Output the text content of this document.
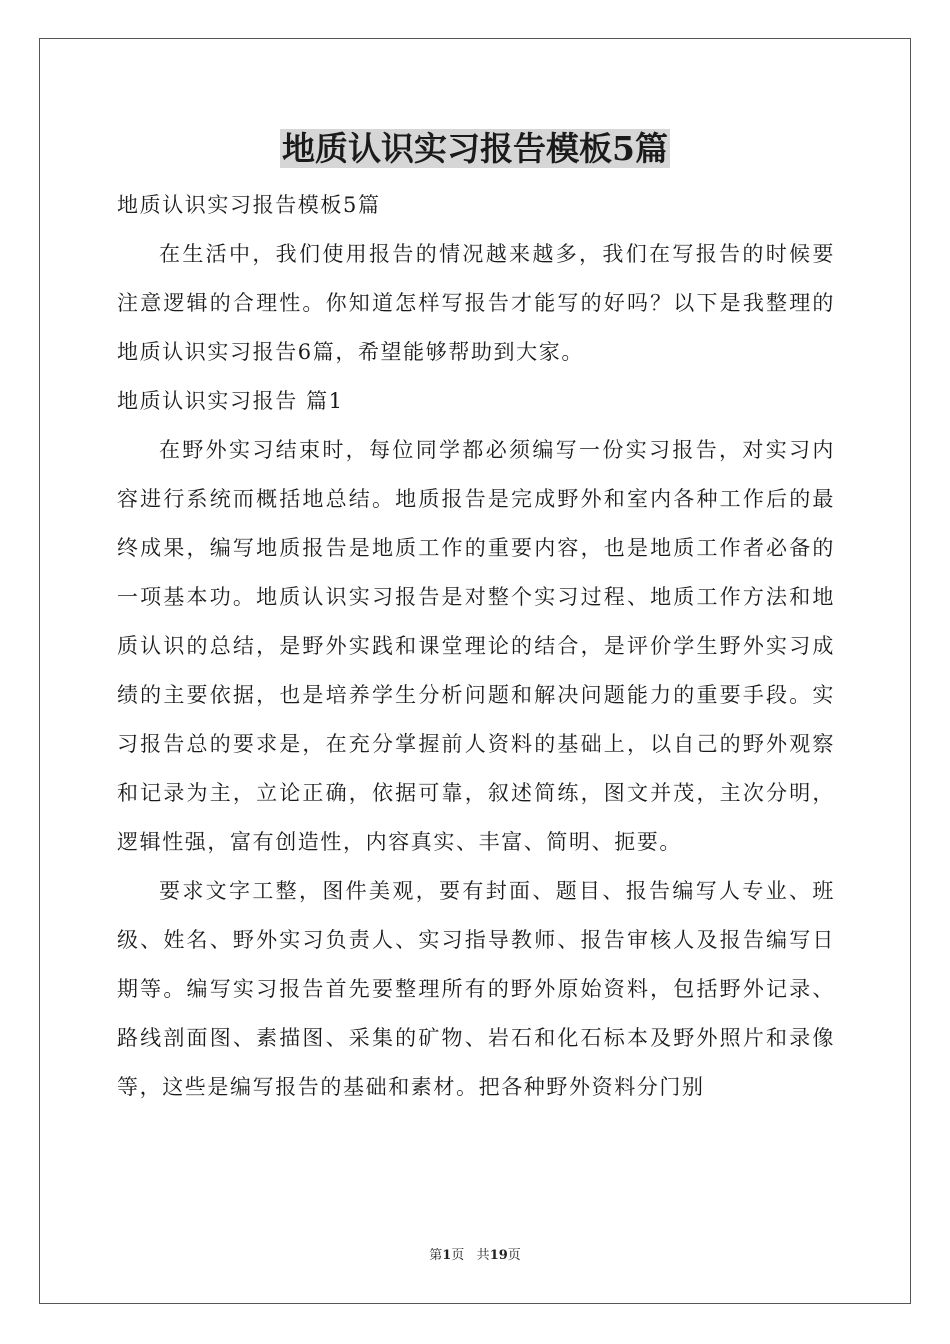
地质认识实习报告模板5篇

地质认识实习报告模板5篇

在生活中，我们使用报告的情况越来越多，我们在写报告的时候要注意逻辑的合理性。你知道怎样写报告才能写的好吗？以下是我整理的地质认识实习报告6篇，希望能够帮助到大家。

地质认识实习报告 篇1

在野外实习结束时，每位同学都必须编写一份实习报告，对实习内容进行系统而概括地总结。地质报告是完成野外和室内各种工作后的最终成果，编写地质报告是地质工作的重要内容，也是地质工作者必备的一项基本功。地质认识实习报告是对整个实习过程、地质工作方法和地质认识的总结，是野外实践和课堂理论的结合，是评价学生野外实习成绩的主要依据，也是培养学生分析问题和解决问题能力的重要手段。实习报告总的要求是，在充分掌握前人资料的基础上，以自己的野外观察和记录为主，立论正确，依据可靠，叙述简练，图文并茂，主次分明，逻辑性强，富有创造性，内容真实、丰富、简明、扼要。

要求文字工整，图件美观，要有封面、题目、报告编写人专业、班级、姓名、野外实习负责人、实习指导教师、报告审核人及报告编写日期等。编写实习报告首先要整理所有的野外原始资料，包括野外记录、路线剖面图、素描图、采集的矿物、岩石和化石标本及野外照片和录像等，这些是编写报告的基础和素材。把各种野外资料分门别

第1页 共19页
